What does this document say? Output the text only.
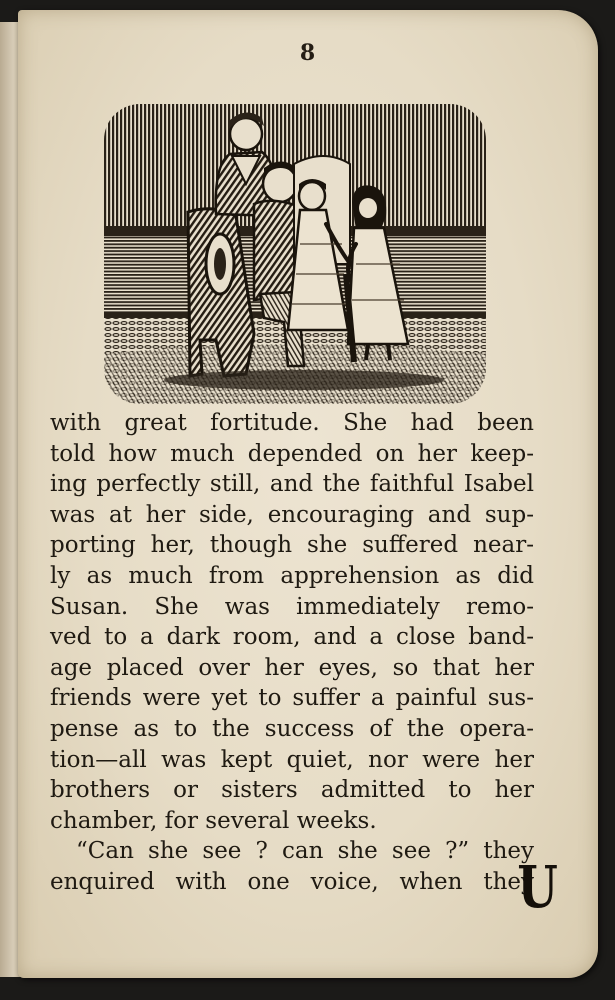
8
with great fortitude. She had been
told how much depended on her keep-
ing perfectly still, and the faithful Isabel
was at her side, encouraging and sup-
porting her, though she suffered near-
ly as much from apprehension as did
Susan. She was immediately remo-
ved to a dark room, and a close band-
age placed over her eyes, so that her
friends were yet to suffer a painful sus-
pense as to the success of the opera-
tion—all was kept quiet, nor were her
brothers or sisters admitted to her
chamber, for several weeks.
“Can she see ? can she see ?” they
enquired with one voice, when they
U
